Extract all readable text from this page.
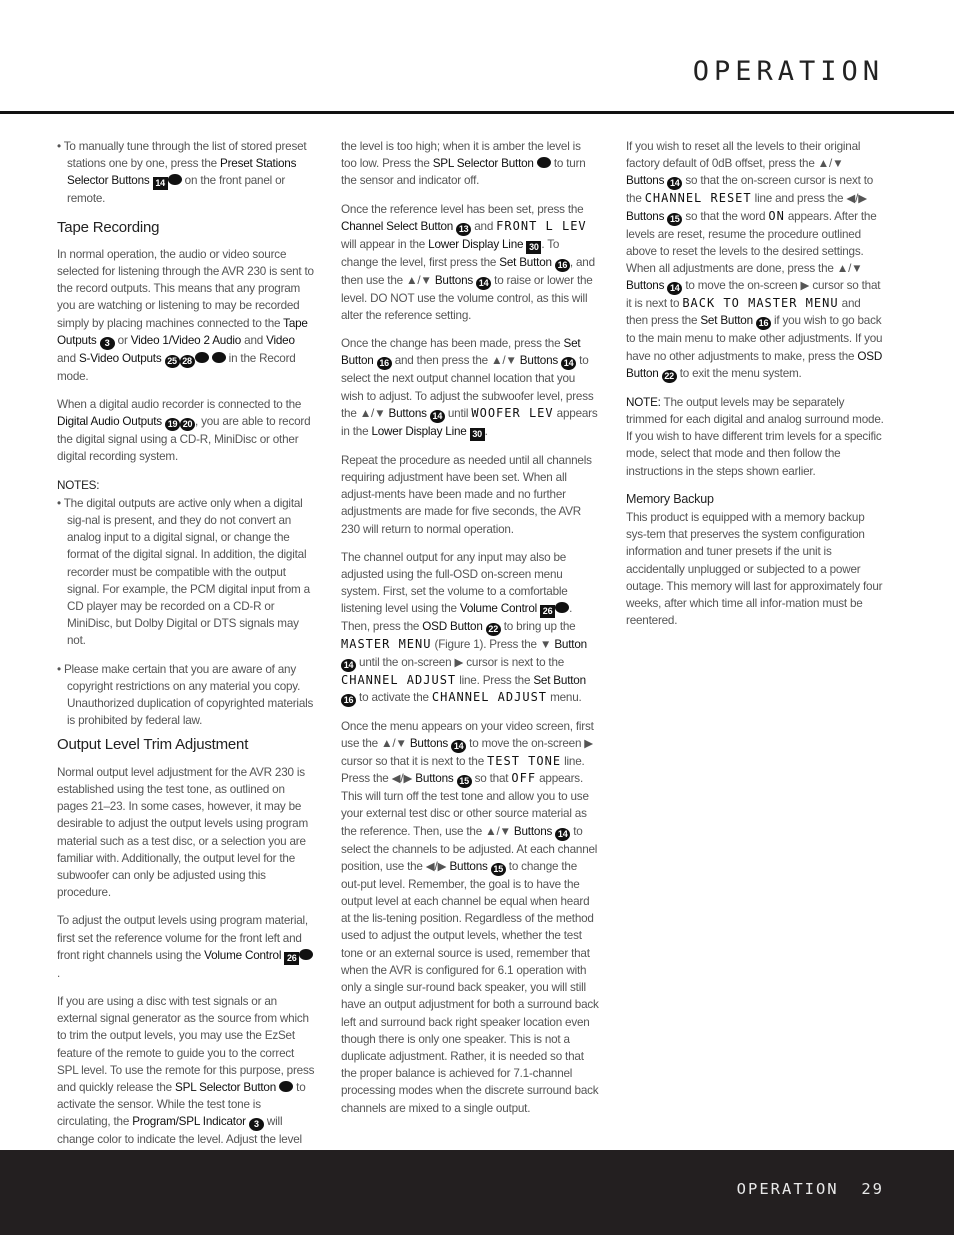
OPERATION

• To manually tune through the list of stored preset stations one by one, press the Preset Stations Selector Buttons 14 on the front panel or remote.

Tape Recording

In normal operation, the audio or video source selected for listening through the AVR 230 is sent to the record outputs. This means that any program you are watching or listening to may be recorded simply by placing machines connected to the Tape Outputs 3 or Video 1/Video 2 Audio and Video and S-Video Outputs 25 28	in the Record mode.

When a digital audio recorder is connected to the Digital Audio Outputs 19 20 , you are able to record the digital signal using a CD-R, MiniDisc or other digital recording system.

NOTES:

• The digital outputs are active only when a digital sig-nal is present, and they do not convert an analog input to a digital signal, or change the format of the digital signal. In addition, the digital recorder must be compatible with the output signal. For example, the PCM digital input from a CD player may be recorded on a CD-R or MiniDisc, but Dolby Digital or DTS signals may not.

• Please make certain that you are aware of any copyright restrictions on any material you copy. Unauthorized duplication of copyrighted materials is prohibited by federal law.

Output Level Trim Adjustment

Normal output level adjustment for the AVR 230 is established using the test tone, as outlined on pages 21–23. In some cases, however, it may be desirable to adjust the output levels using program material such as a test disc, or a selection you are familiar with. Additionally, the output level for the subwoofer can only be adjusted using this procedure.

To adjust the output levels using program material, first set the reference volume for the front left and front right channels using the Volume Control 26.

If you are using a disc with test signals or an external signal generator as the source from which to trim the output levels, you may use the EzSet feature of the remote to guide you to the correct SPL level. To use the remote for this purpose, press and quickly release the SPL Selector Button  to activate the sensor. While the test tone is circulating, the Program/SPL Indicator 3 will change color to indicate the level. Adjust the level

the level is too high; when it is amber the level is too low. Press the SPL Selector Button  to turn the sensor and indicator off.

Once the reference level has been set, press the Channel Select Button 13 and FRONT L LEV will appear in the Lower Display Line 30 . To change the level, first press the Set Button 16 , and then use the ▲/▼ Buttons 14 to raise or lower the level. DO NOT use the volume control, as this will alter the reference setting.

Once the change has been made, press the Set Button 16 and then press the ▲/▼ Buttons 14 to select the next output channel location that you wish to adjust. To adjust the subwoofer level, press the ▲/▼ Buttons 14 until WOOFER LEV appears in the Lower Display Line 30 .

Repeat the procedure as needed until all channels requiring adjustment have been set. When all adjust-ments have been made and no further adjustments are made for five seconds, the AVR 230 will return to normal operation.

The channel output for any input may also be adjusted using the full-OSD on-screen menu system. First, set the volume to a comfortable listening level using the Volume Control 26 . Then, press the OSD Button 22 to bring up the MASTER MENU (Figure 1). Press the ▼ Button 14 until the on-screen ▶ cursor is next to the CHANNEL ADJUST line. Press the Set Button 16 to activate the CHANNEL ADJUST menu.

Once the menu appears on your video screen, first use the ▲/▼ Buttons 14 to move the on-screen ▶ cursor so that it is next to the TEST TONE line. Press the ◀/▶ Buttons 15 so that OFF appears. This will turn off the test tone and allow you to use your external test disc or other source material as the reference. Then, use the ▲/▼ Buttons 14 to select the channels to be adjusted. At each channel position, use the ◀/▶ Buttons 15 to change the out-put level. Remember, the goal is to have the output level at each channel be equal when heard at the lis-tening position. Regardless of the method used to adjust the output levels, whether the test tone or an external source is used, remember that when the AVR is configured for 6.1 operation with only a single sur-round back speaker, you will still have an output adjustment for both a surround back left and surround back right speaker location even though there is only one speaker. This is not a duplicate adjustment. Rather, it is needed so that the proper balance is achieved for 7.1-channel processing modes when the discrete surround back channels are mixed to a single output.

If you wish to reset all the levels to their original factory default of 0dB offset, press the ▲/▼ Buttons 14 so that the on-screen cursor is next to the CHANNEL RESET line and press the ◀/▶ Buttons 15 so that the word ON appears. After the levels are reset, resume the procedure outlined above to reset the levels to the desired settings. When all adjustments are done, press the ▲/▼ Buttons 14 to move the on-screen ▶ cursor so that it is next to BACK TO MASTER MENU and then press the Set Button 16 if you wish to go back to the main menu to make other adjustments. If you have no other adjustments to make, press the OSD Button 22 to exit the menu system.

NOTE: The output levels may be separately trimmed for each digital and analog surround mode. If you wish to have different trim levels for a specific mode, select that mode and then follow the instructions in the steps shown earlier.

Memory Backup

This product is equipped with a memory backup sys-tem that preserves the system configuration information and tuner presets if the unit is accidentally unplugged or subjected to a power outage. This memory will last for approximately four weeks, after which time all infor-mation must be reentered.

OPERATION 29
